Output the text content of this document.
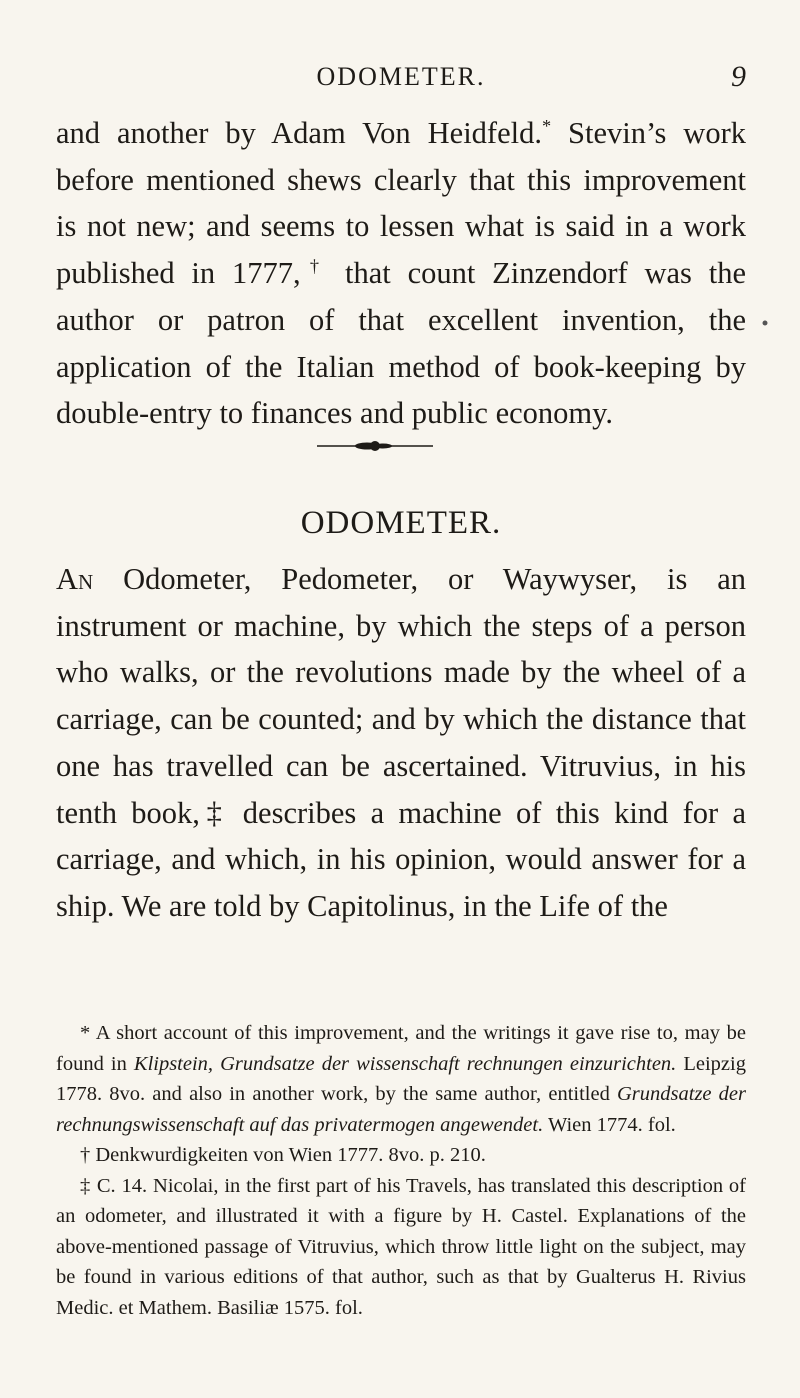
ODOMETER.	9
and another by Adam Von Heidfeld.* Stevin’s work before mentioned shews clearly that this improvement is not new; and seems to lessen what is said in a work published in 1777,† that count Zinzendorf was the author or patron of that excellent invention, the application of the Italian method of book-keeping by double-entry to finances and public economy.
ODOMETER.
An Odometer, Pedometer, or Waywyser, is an instrument or machine, by which the steps of a person who walks, or the revolutions made by the wheel of a carriage, can be counted; and by which the distance that one has travelled can be ascertained. Vitruvius, in his tenth book,‡ describes a machine of this kind for a carriage, and which, in his opinion, would answer for a ship. We are told by Capitolinus, in the Life of the

* A short account of this improvement, and the writings it gave rise to, may be found in Klipstein, Grundsatze der wissenschaft rechnungen einzurichten. Leipzig 1778. 8vo. and also in another work, by the same author, entitled Grundsatze der rechnungswissenschaft auf das privatermogen angewendet. Wien 1774. fol.

† Denkwurdigkeiten von Wien 1777. 8vo. p. 210.

‡ C. 14. Nicolai, in the first part of his Travels, has translated this description of an odometer, and illustrated it with a figure by H. Castel. Explanations of the above-mentioned passage of Vitruvius, which throw little light on the subject, may be found in various editions of that author, such as that by Gualterus H. Rivius Medic. et Mathem. Basiliæ 1575. fol.
